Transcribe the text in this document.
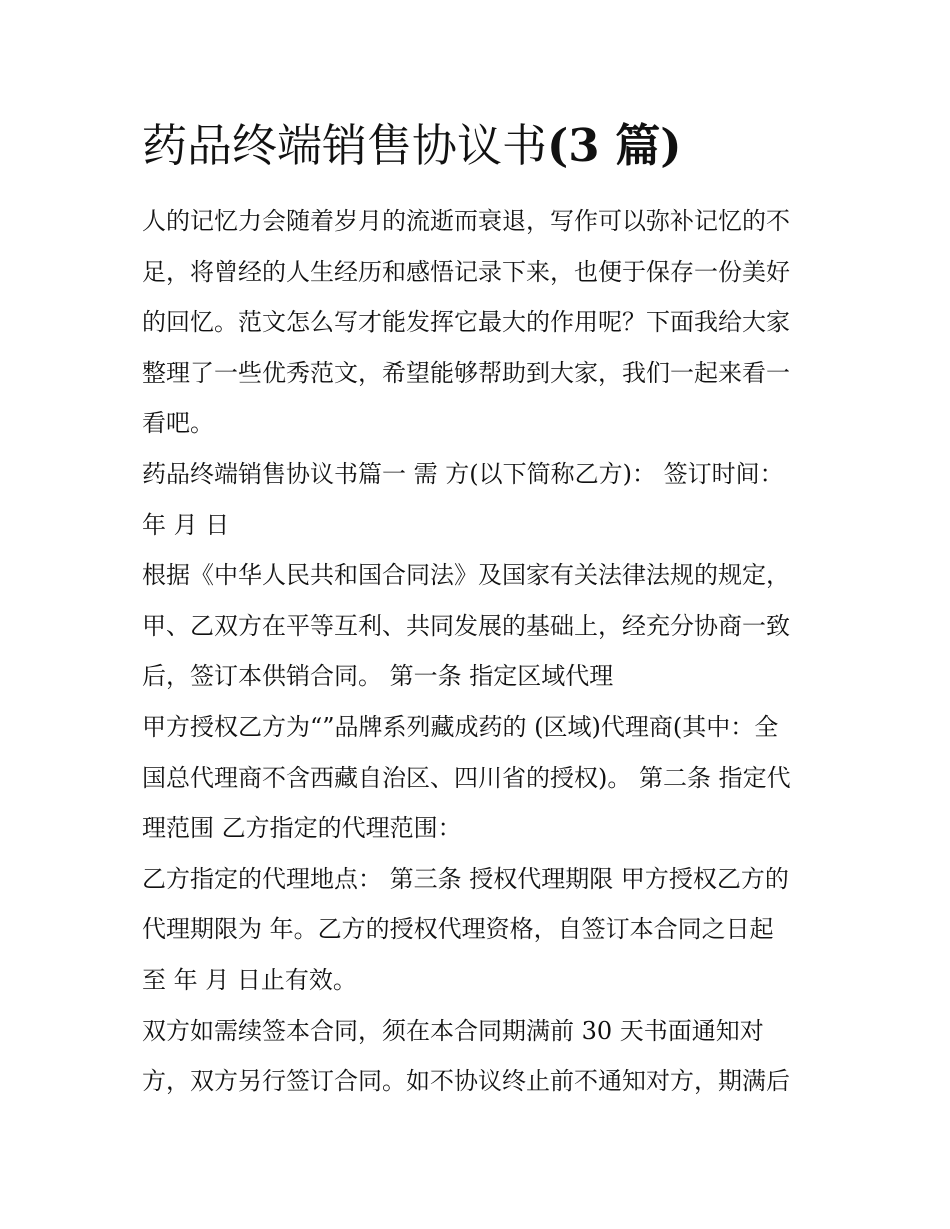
药品终端销售协议书(3 篇)
人的记忆力会随着岁月的流逝而衰退，写作可以弥补记忆的不
足，将曾经的人生经历和感悟记录下来，也便于保存一份美好
的回忆。范文怎么写才能发挥它最大的作用呢？下面我给大家
整理了一些优秀范文，希望能够帮助到大家，我们一起来看一
看吧。
药品终端销售协议书篇一 需 方(以下简称乙方)： 签订时间：
年 月 日
根据《中华人民共和国合同法》及国家有关法律法规的规定，
甲、乙双方在平等互利、共同发展的基础上，经充分协商一致
后，签订本供销合同。 第一条 指定区域代理
甲方授权乙方为“”品牌系列藏成药的 (区域)代理商(其中：全
国总代理商不含西藏自治区、四川省的授权)。 第二条 指定代
理范围 乙方指定的代理范围：
乙方指定的代理地点： 第三条 授权代理期限 甲方授权乙方的
代理期限为 年。乙方的授权代理资格，自签订本合同之日起
至 年 月 日止有效。
双方如需续签本合同，须在本合同期满前 30 天书面通知对
方，双方另行签订合同。如不协议终止前不通知对方，期满后
